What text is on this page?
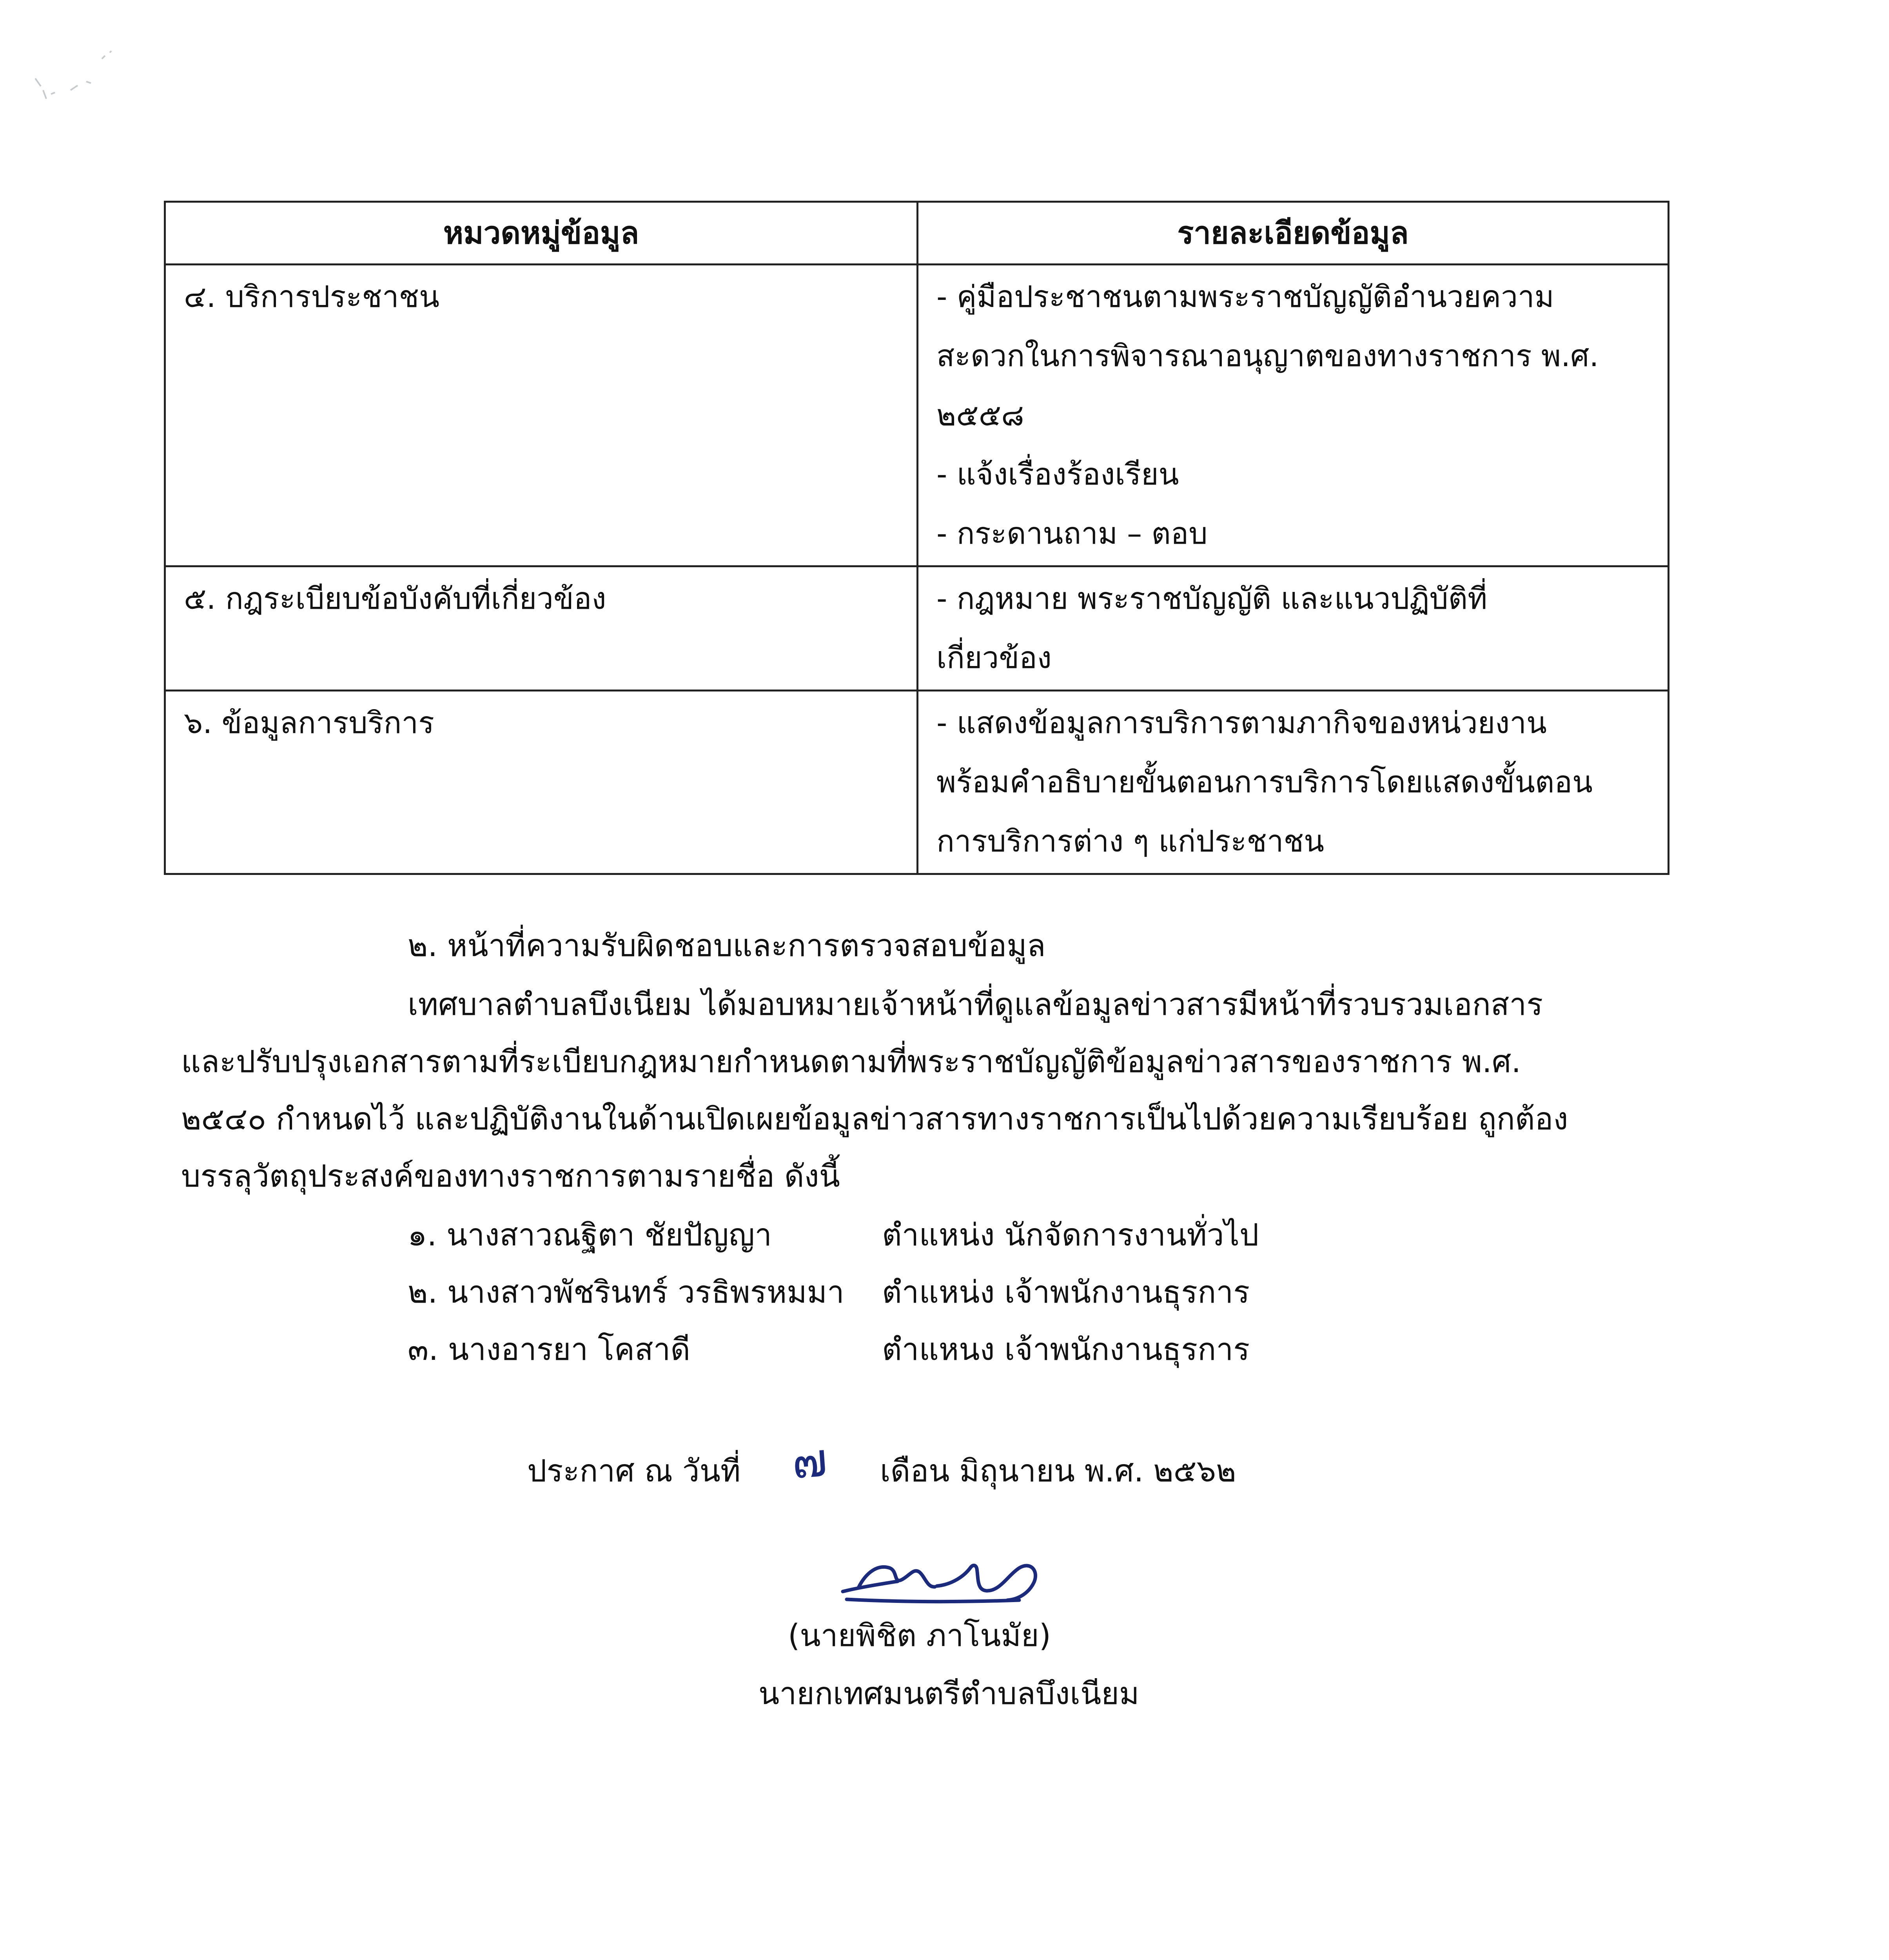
หมวดหมู่ข้อมูล	รายละเอียดข้อมูล
๔. บริการประชาชน	- คู่มือประชาชนตามพระราชบัญญัติอำนวยความ
สะดวกในการพิจารณาอนุญาตของทางราชการ พ.ศ.
๒๕๕๘
- แจ้งเรื่องร้องเรียน
- กระดานถาม – ตอบ

๕. กฎระเบียบข้อบังคับที่เกี่ยวข้อง	- กฎหมาย พระราชบัญญัติ และแนวปฏิบัติที่
เกี่ยวข้อง

๖. ข้อมูลการบริการ	- แสดงข้อมูลการบริการตามภากิจของหน่วยงาน
พร้อมคำอธิบายขั้นตอนการบริการโดยแสดงขั้นตอน
การบริการต่าง ๆ แก่ประชาชน
๒. หน้าที่ความรับผิดชอบและการตรวจสอบข้อมูล
เทศบาลตำบลบึงเนียม ได้มอบหมายเจ้าหน้าที่ดูแลข้อมูลข่าวสารมีหน้าที่รวบรวมเอกสาร
และปรับปรุงเอกสารตามที่ระเบียบกฎหมายกำหนดตามที่พระราชบัญญัติข้อมูลข่าวสารของราชการ พ.ศ.
๒๕๔๐ กำหนดไว้ และปฏิบัติงานในด้านเปิดเผยข้อมูลข่าวสารทางราชการเป็นไปด้วยความเรียบร้อย ถูกต้อง
บรรลุวัตถุประสงค์ของทางราชการตามรายชื่อ ดังนี้
๑. นางสาวณฐิตา ชัยปัญญา	ตำแหน่ง นักจัดการงานทั่วไป
๒. นางสาวพัชรินทร์ วรธิพรหมมา ตำแหน่ง เจ้าพนักงานธุรการ
๓. นางอารยา โคสาดี	ตำแหนง เจ้าพนักงานธุรการ
ประกาศ ณ วันที่ ๗ เดือน มิถุนายน พ.ศ. ๒๕๖๒
(นายพิชิต ภาโนมัย)
นายกเทศมนตรีตำบลบึงเนียม
